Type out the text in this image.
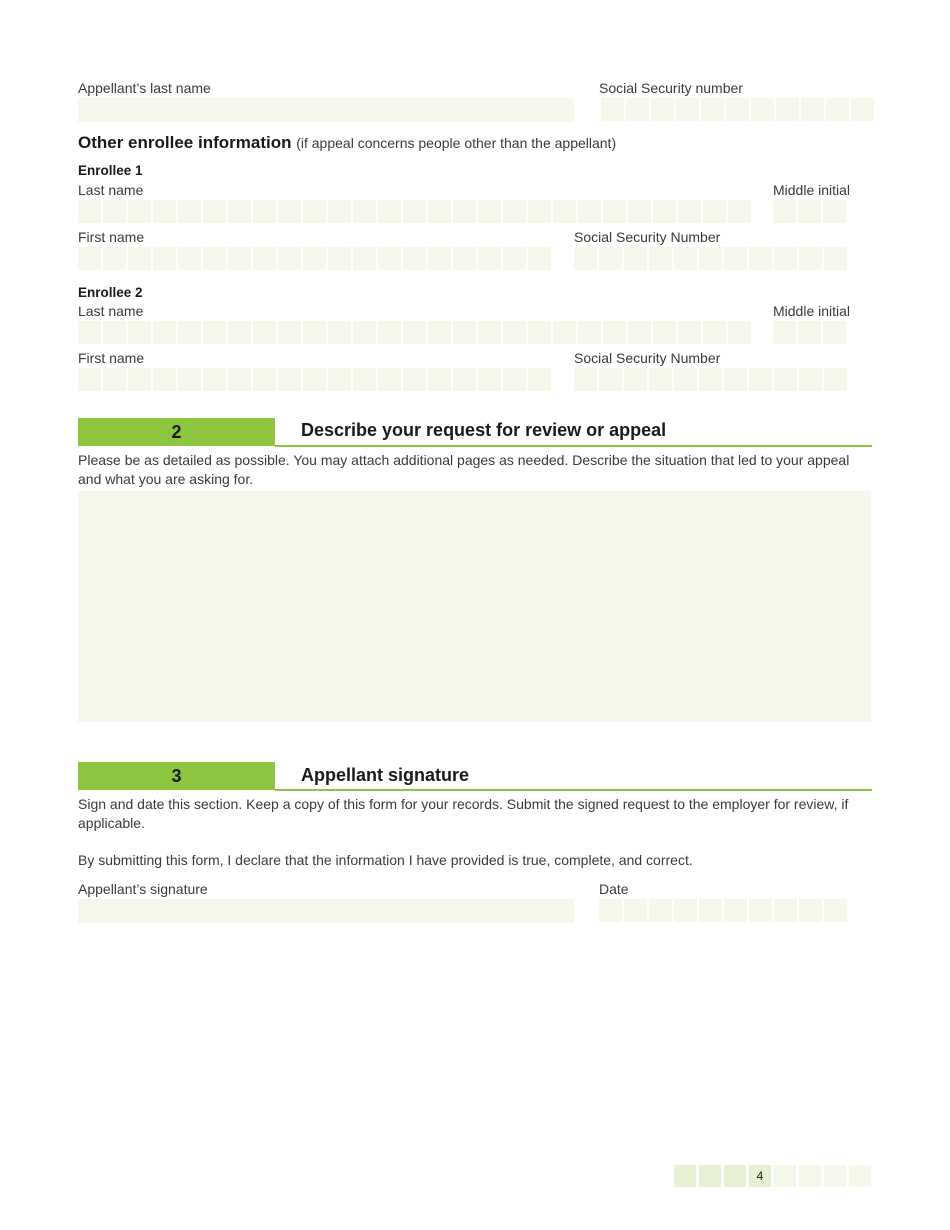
Appellant’s last name	Social Security number
Other enrollee information (if appeal concerns people other than the appellant)
Enrollee 1
Last name	Middle initial
First name	Social Security Number
Enrollee 2
Last name	Middle initial
First name	Social Security Number
2	Describe your request for review or appeal
Please be as detailed as possible. You may attach additional pages as needed. Describe the situation that led to your appeal and what you are asking for.
3	Appellant signature
Sign and date this section. Keep a copy of this form for your records. Submit the signed request to the employer for review, if applicable.
By submitting this form, I declare that the information I have provided is true, complete, and correct.
Appellant’s signature	Date
4
